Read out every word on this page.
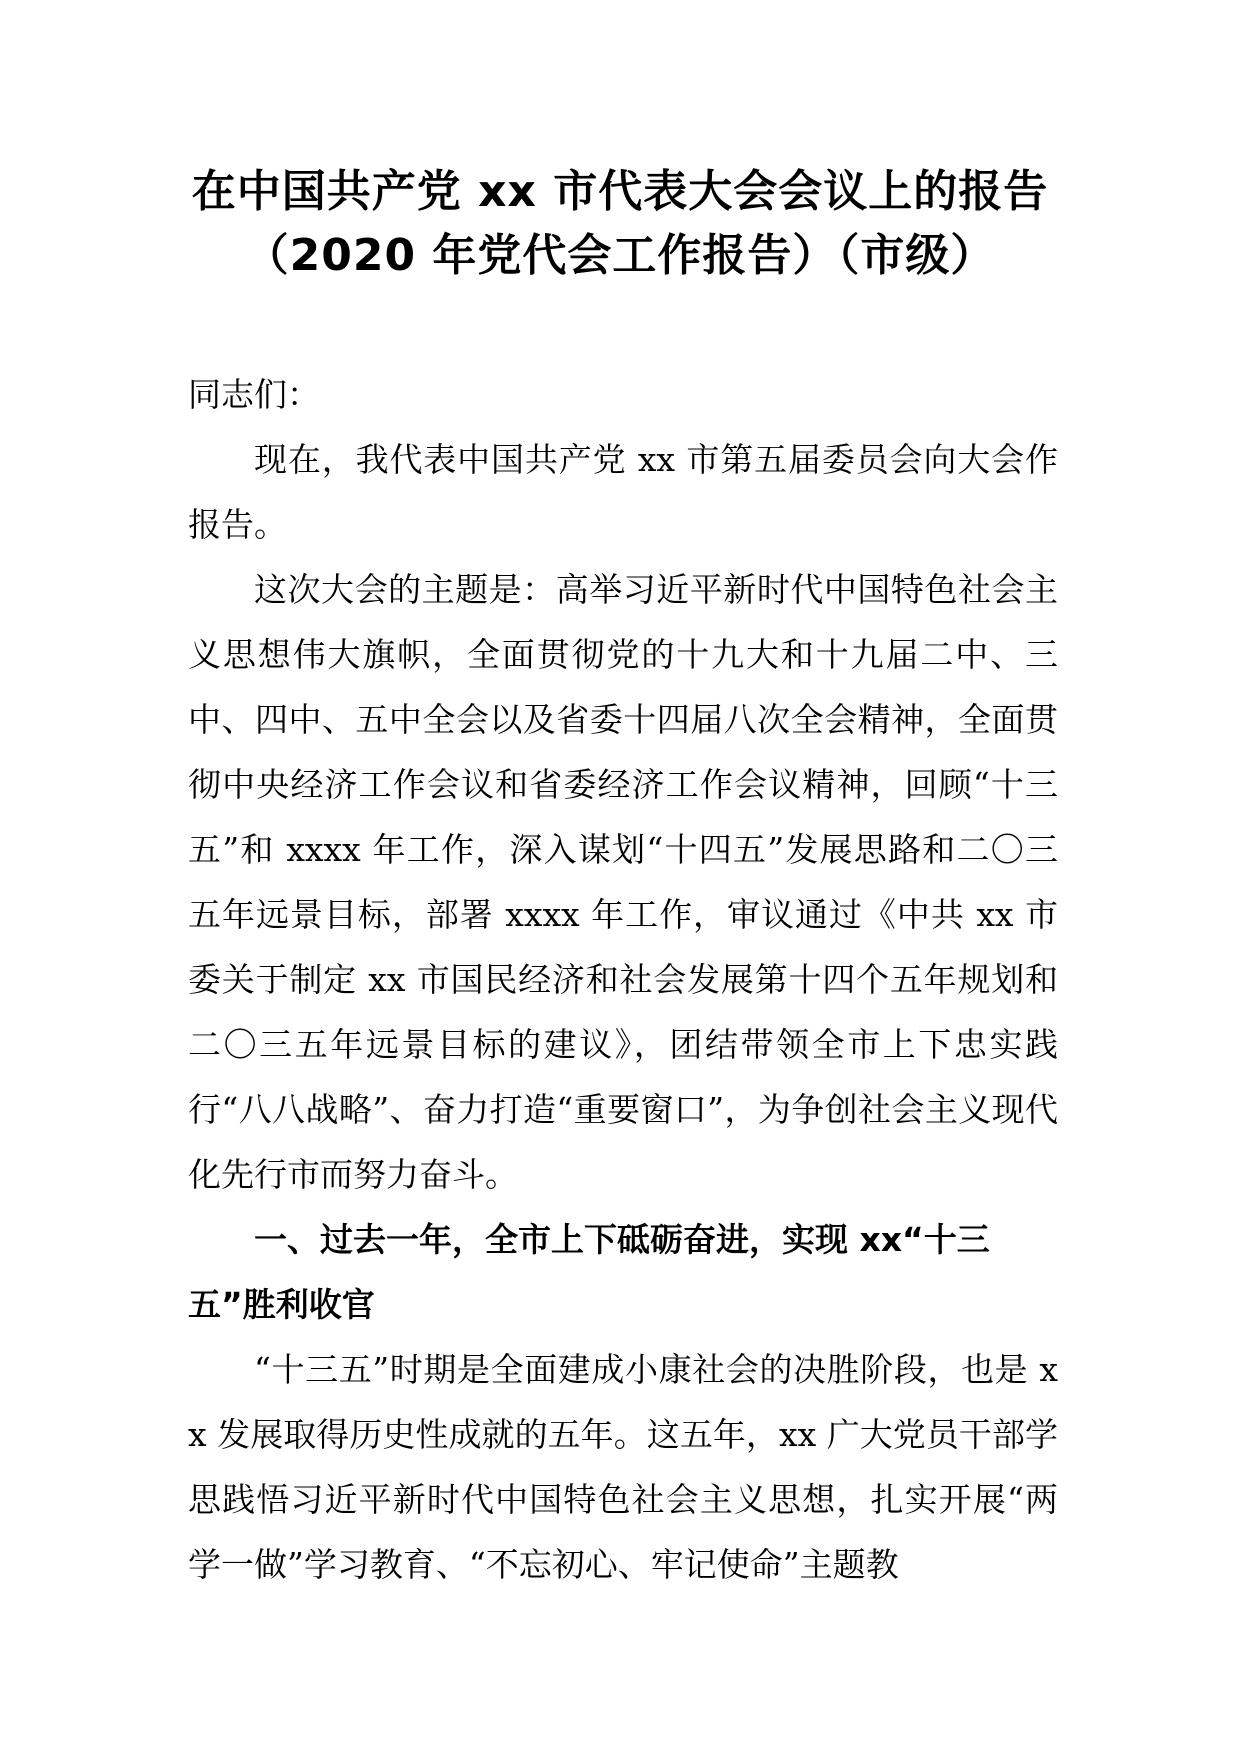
在中国共产党 xx 市代表大会会议上的报告
（2020 年党代会工作报告）（市级）
同志们：

现在，我代表中国共产党 xx 市第五届委员会向大会作报告。

这次大会的主题是：高举习近平新时代中国特色社会主义思想伟大旗帜，全面贯彻党的十九大和十九届二中、三中、四中、五中全会以及省委十四届八次全会精神，全面贯彻中央经济工作会议和省委经济工作会议精神，回顾“十三五”和 xxxx 年工作，深入谋划“十四五”发展思路和二〇三五年远景目标，部署 xxxx 年工作，审议通过《中共 xx 市委关于制定 xx 市国民经济和社会发展第十四个五年规划和二〇三五年远景目标的建议》，团结带领全市上下忠实践行“八八战略”、奋力打造“重要窗口”，为争创社会主义现代化先行市而努力奋斗。

一、过去一年，全市上下砥砺奋进，实现 xx“十三五”胜利收官

“十三五”时期是全面建成小康社会的决胜阶段，也是 xx 发展取得历史性成就的五年。这五年，xx 广大党员干部学思践悟习近平新时代中国特色社会主义思想，扎实开展“两学一做”学习教育、“不忘初心、牢记使命”主题教
